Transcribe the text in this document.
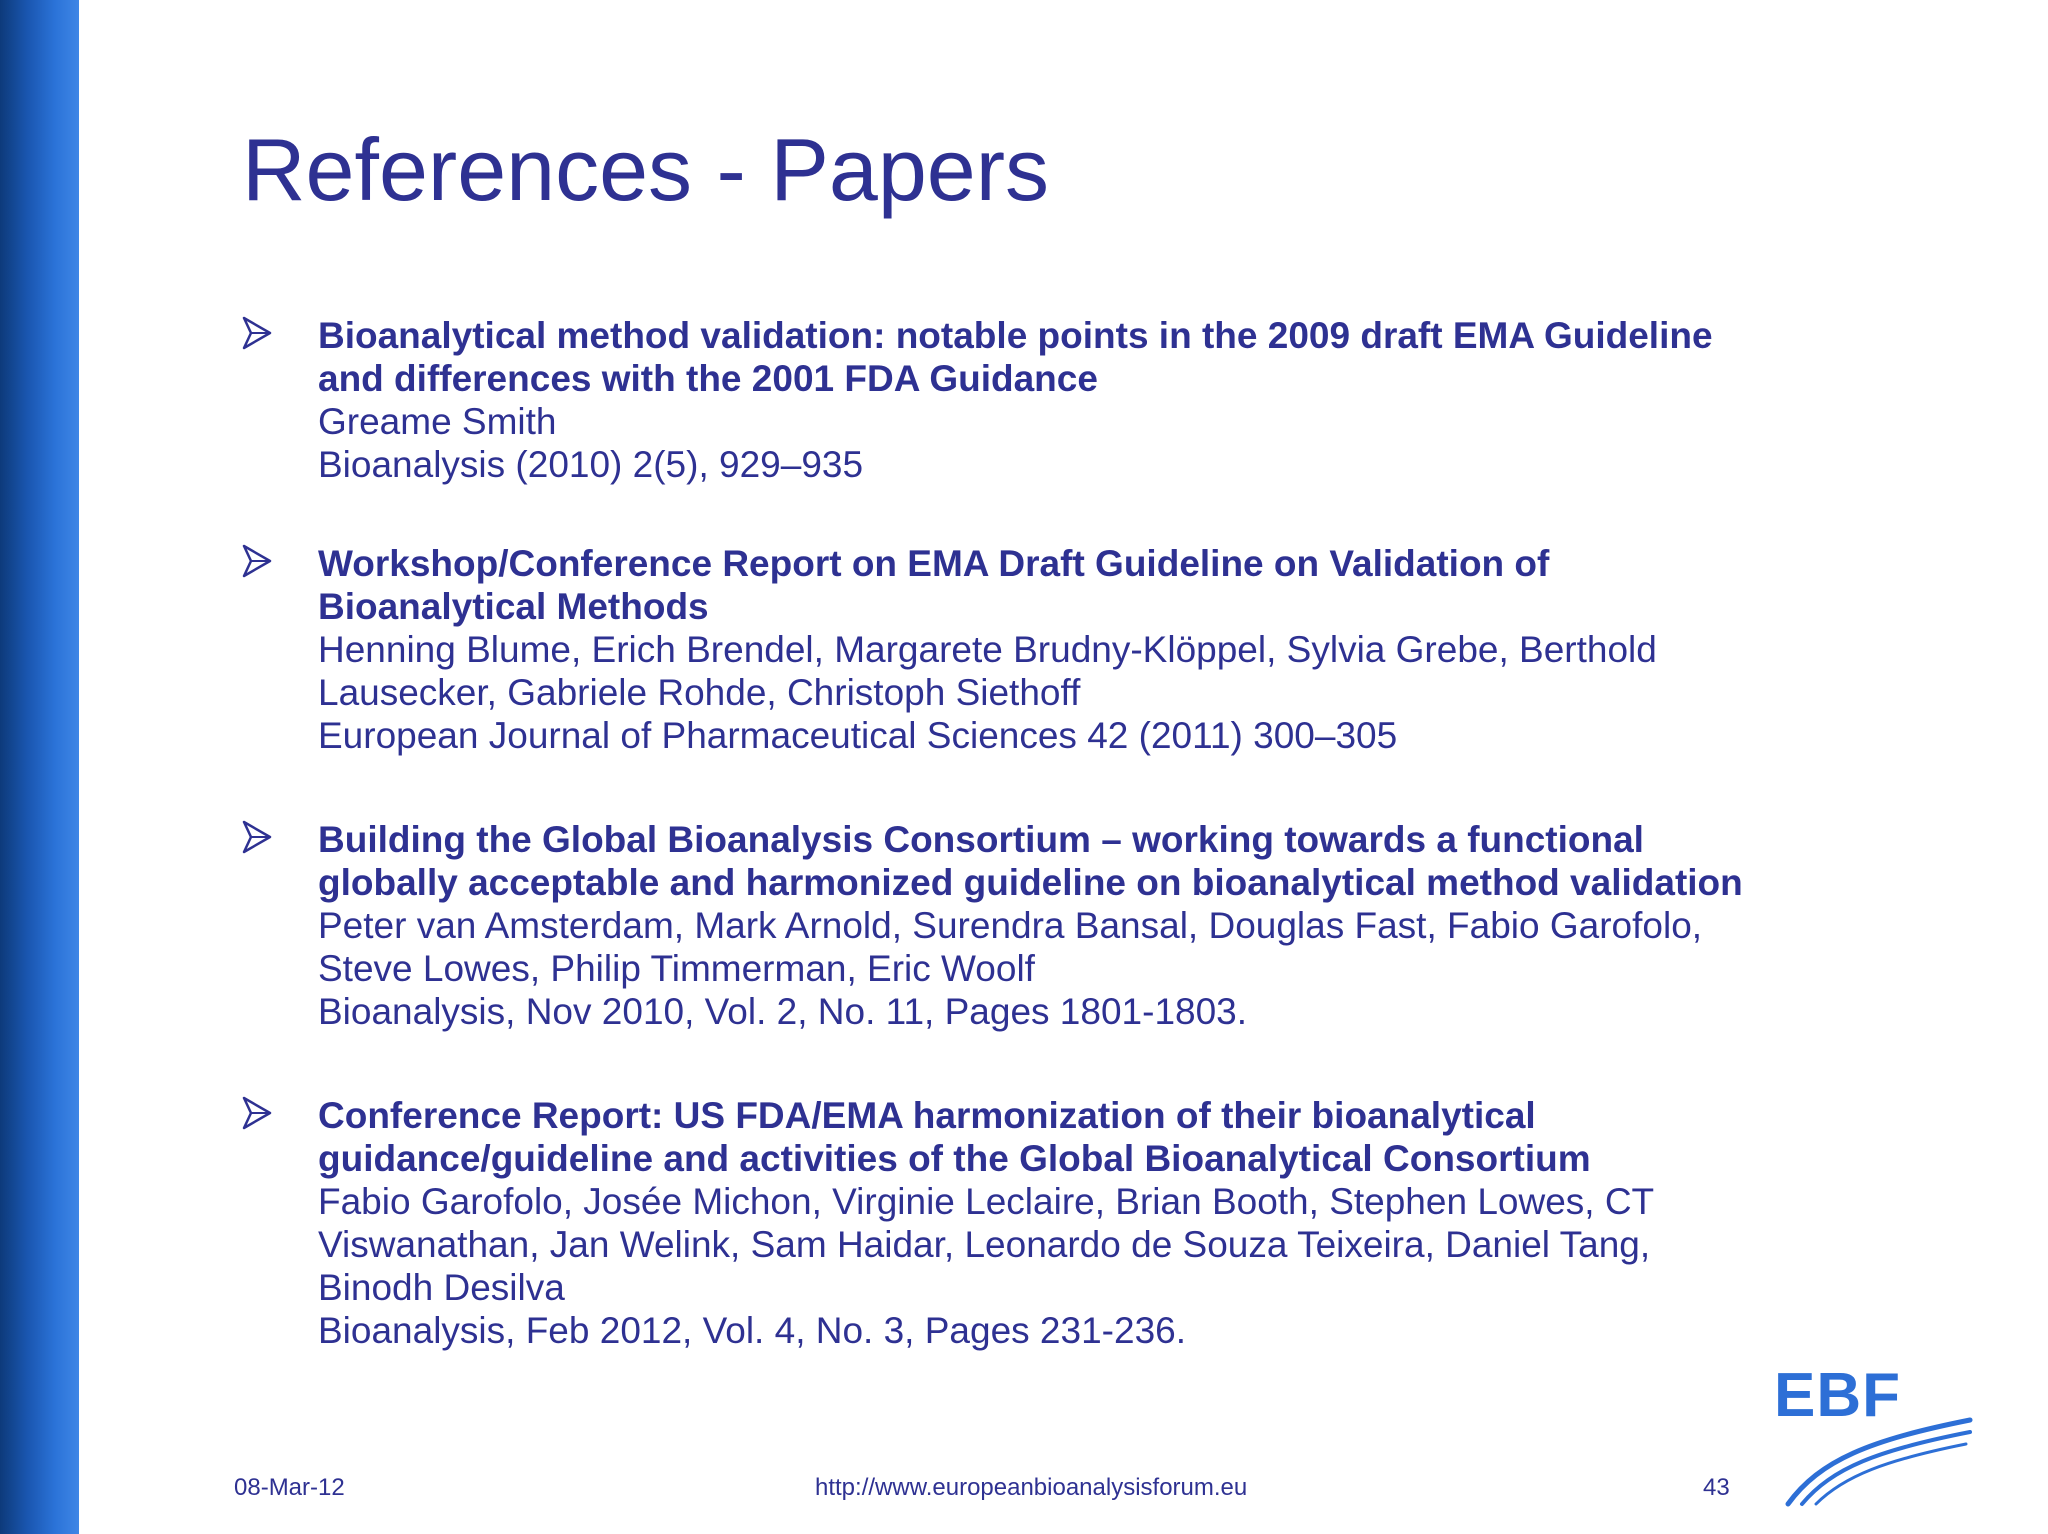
References - Papers
Bioanalytical method validation: notable points in the 2009 draft EMA Guideline
and differences with the 2001 FDA Guidance
Greame Smith
Bioanalysis (2010) 2(5), 929–935
Workshop/Conference Report on EMA Draft Guideline on Validation of
Bioanalytical Methods
Henning Blume, Erich Brendel, Margarete Brudny-Klöppel, Sylvia Grebe, Berthold
Lausecker, Gabriele Rohde, Christoph Siethoff
European Journal of Pharmaceutical Sciences 42 (2011) 300–305
Building the Global Bioanalysis Consortium – working towards a functional
globally acceptable and harmonized guideline on bioanalytical method validation
Peter van Amsterdam, Mark Arnold, Surendra Bansal, Douglas Fast, Fabio Garofolo,
Steve Lowes, Philip Timmerman, Eric Woolf
Bioanalysis, Nov 2010, Vol. 2, No. 11, Pages 1801-1803.
Conference Report: US FDA/EMA harmonization of their bioanalytical
guidance/guideline and activities of the Global Bioanalytical Consortium
Fabio Garofolo, Josée Michon, Virginie Leclaire, Brian Booth, Stephen Lowes, CT
Viswanathan, Jan Welink, Sam Haidar, Leonardo de Souza Teixeira, Daniel Tang,
Binodh Desilva
Bioanalysis, Feb 2012, Vol. 4, No. 3, Pages 231-236.
08-Mar-12	http://www.europeanbioanalysisforum.eu	43
EBF
